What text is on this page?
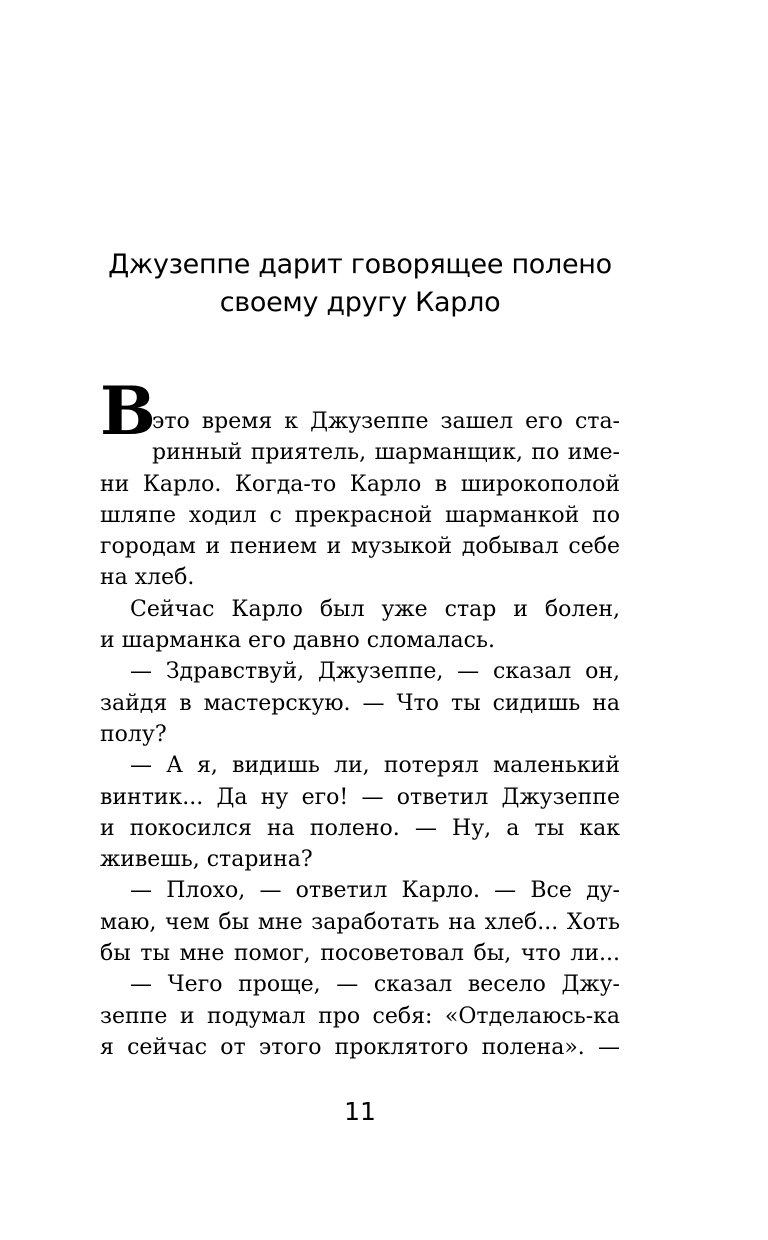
Джузеппе дарит говорящее полено
своему другу Карло
В
это время к Джузеппе зашел его ста-
ринный приятель, шарманщик, по име-
ни Карло. Когда-то Карло в широкополой
шляпе ходил с прекрасной шарманкой по
городам и пением и музыкой добывал себе
на хлеб.
Сейчас Карло был уже стар и болен,
и шарманка его давно сломалась.
— Здравствуй, Джузеппе, — сказал он,
зайдя в мастерскую. — Что ты сидишь на
полу?
— А я, видишь ли, потерял маленький
винтик... Да ну его! — ответил Джузеппе
и покосился на полено. — Ну, а ты как
живешь, старина?
— Плохо, — ответил Карло. — Все ду-
маю, чем бы мне заработать на хлеб... Хоть
бы ты мне помог, посоветовал бы, что ли...
— Чего проще, — сказал весело Джу-
зеппе и подумал про себя: «Отделаюсь-ка
я сейчас от этого проклятого полена». —
11
